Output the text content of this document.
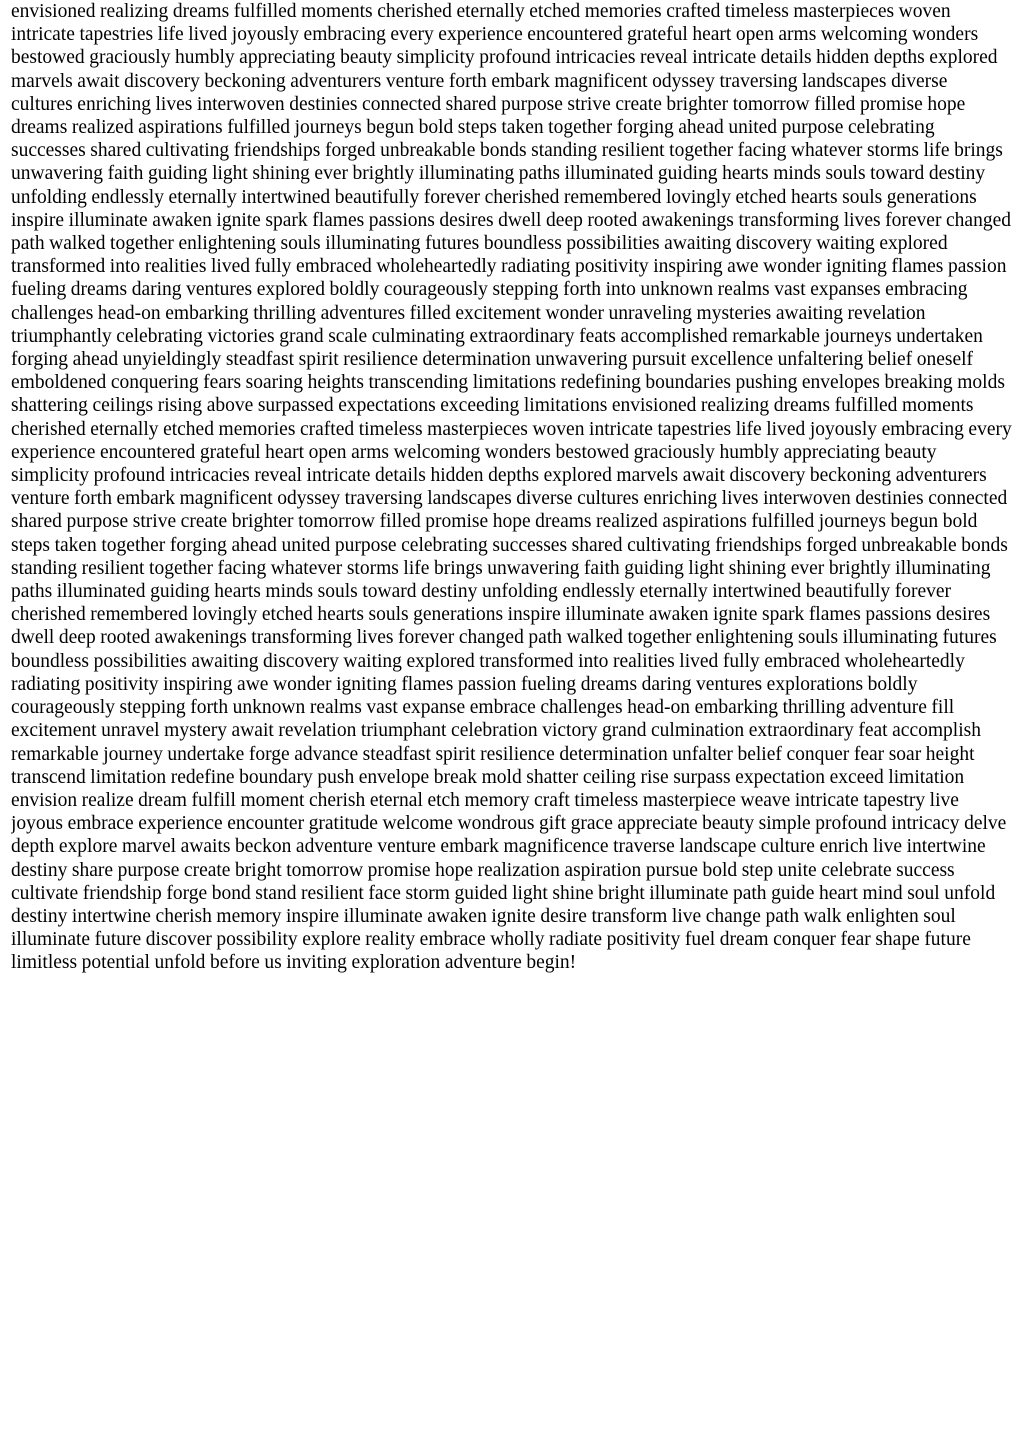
envisioned realizing dreams fulfilled moments cherished eternally etched memories crafted timeless masterpieces woven intricate tapestries life lived joyously embracing every experience encountered grateful heart open arms welcoming wonders bestowed graciously humbly appreciating beauty simplicity profound intricacies reveal intricate details hidden depths explored marvels await discovery beckoning adventurers venture forth embark magnificent odyssey traversing landscapes diverse cultures enriching lives interwoven destinies connected shared purpose strive create brighter tomorrow filled promise hope dreams realized aspirations fulfilled journeys begun bold steps taken together forging ahead united purpose celebrating successes shared cultivating friendships forged unbreakable bonds standing resilient together facing whatever storms life brings unwavering faith guiding light shining ever brightly illuminating paths illuminated guiding hearts minds souls toward destiny unfolding endlessly eternally intertwined beautifully forever cherished remembered lovingly etched hearts souls generations inspire illuminate awaken ignite spark flames passions desires dwell deep rooted awakenings transforming lives forever changed path walked together enlightening souls illuminating futures boundless possibilities awaiting discovery waiting explored transformed into realities lived fully embraced wholeheartedly radiating positivity inspiring awe wonder igniting flames passion fueling dreams daring ventures explored boldly courageously stepping forth into unknown realms vast expanses embracing challenges head-on embarking thrilling adventures filled excitement wonder unraveling mysteries awaiting revelation triumphantly celebrating victories grand scale culminating extraordinary feats accomplished remarkable journeys undertaken forging ahead unyieldingly steadfast spirit resilience determination unwavering pursuit excellence unfaltering belief oneself emboldened conquering fears soaring heights transcending limitations redefining boundaries pushing envelopes breaking molds shattering ceilings rising above surpassed expectations exceeding limitations envisioned realizing dreams fulfilled moments cherished eternally etched memories crafted timeless masterpieces woven intricate tapestries life lived joyously embracing every experience encountered grateful heart open arms welcoming wonders bestowed graciously humbly appreciating beauty simplicity profound intricacies reveal intricate details hidden depths explored marvels await discovery beckoning adventurers venture forth embark magnificent odyssey traversing landscapes diverse cultures enriching lives interwoven destinies connected shared purpose strive create brighter tomorrow filled promise hope dreams realized aspirations fulfilled journeys begun bold steps taken together forging ahead united purpose celebrating successes shared cultivating friendships forged unbreakable bonds standing resilient together facing whatever storms life brings unwavering faith guiding light shining ever brightly illuminating paths illuminated guiding hearts minds souls toward destiny unfolding endlessly eternally intertwined beautifully forever cherished remembered lovingly etched hearts souls generations inspire illuminate awaken ignite spark flames passions desires dwell deep rooted awakenings transforming lives forever changed path walked together enlightening souls illuminating futures boundless possibilities awaiting discovery waiting explored transformed into realities lived fully embraced wholeheartedly radiating positivity inspiring awe wonder igniting flames passion fueling dreams daring ventures explorations boldly courageously stepping forth unknown realms vast expanse embrace challenges head-on embarking thrilling adventure fill excitement unravel mystery await revelation triumphant celebration victory grand culmination extraordinary feat accomplish remarkable journey undertake forge advance steadfast spirit resilience determination unfalter belief conquer fear soar height transcend limitation redefine boundary push envelope break mold shatter ceiling rise surpass expectation exceed limitation envision realize dream fulfill moment cherish eternal etch memory craft timeless masterpiece weave intricate tapestry live joyous embrace experience encounter gratitude welcome wondrous gift grace appreciate beauty simple profound intricacy delve depth explore marvel awaits beckon adventure venture embark magnificence traverse landscape culture enrich live intertwine destiny share purpose create bright tomorrow promise hope realization aspiration pursue bold step unite celebrate success cultivate friendship forge bond stand resilient face storm guided light shine bright illuminate path guide heart mind soul unfold destiny intertwine cherish memory inspire illuminate awaken ignite desire transform live change path walk enlighten soul illuminate future discover possibility explore reality embrace wholly radiate positivity fuel dream conquer fear shape future limitless potential unfold before us inviting exploration adventure begin!
